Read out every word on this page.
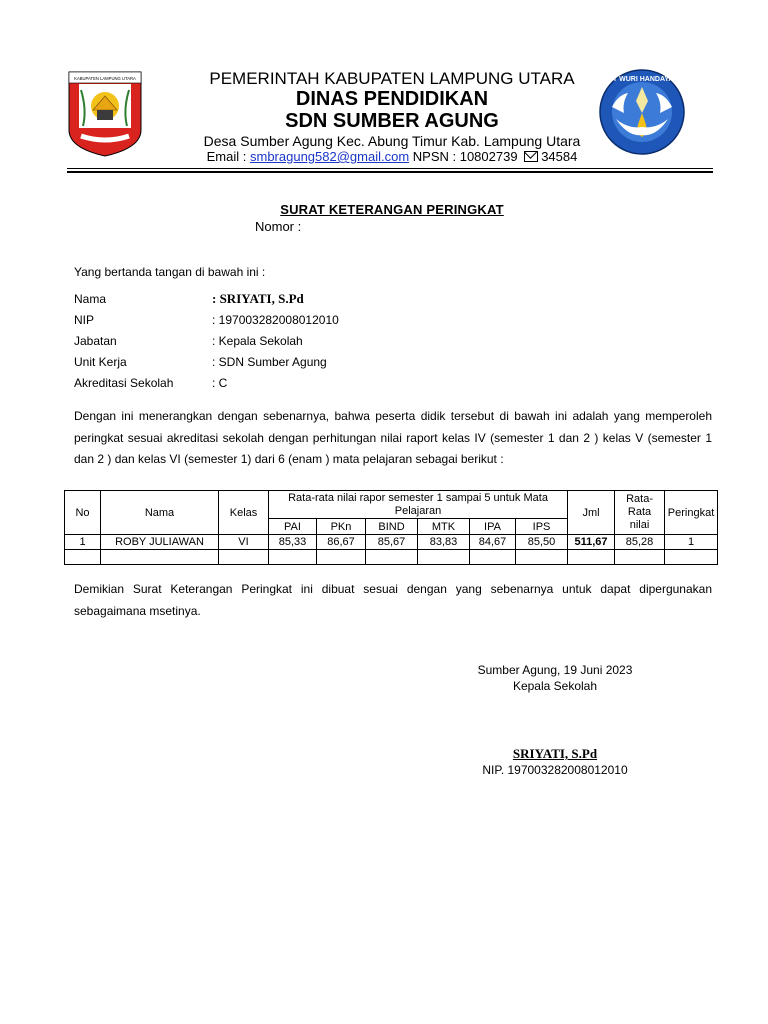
KABUPATEN LAMPUNG UTARA	TUT WURI HANDAYANI
PEMERINTAH KABUPATEN LAMPUNG UTARA
DINAS PENDIDIKAN
SDN SUMBER AGUNG
Desa Sumber Agung Kec. Abung Timur Kab. Lampung Utara
Email : smbragung582@gmail.com NPSN : 10802739 34584
SURAT KETERANGAN PERINGKAT
Nomor :
Yang bertanda tangan di bawah ini :
Nama	: SRIYATI, S.Pd
NIP	: 197003282008012010
Jabatan	: Kepala Sekolah
Unit Kerja	: SDN Sumber Agung
Akreditasi Sekolah	: C
Dengan ini menerangkan dengan sebenarnya, bahwa peserta didik tersebut di bawah ini adalah yang memperoleh peringkat sesuai akreditasi sekolah dengan perhitungan nilai raport kelas IV (semester 1 dan 2 ) kelas V (semester 1 dan 2 ) dan kelas VI (semester 1) dari 6 (enam ) mata pelajaran sebagai berikut :
No	Nama	Kelas	Rata-rata nilai rapor semester 1 sampai 5 untuk Mata Pelajaran						Jml	Rata-Rata nilai	Peringkat
			PAI	PKn	BIND	MTK	IPA	IPS			
1	ROBY JULIAWAN	VI	85,33	86,67	85,67	83,83	84,67	85,50	511,67	85,28	1

Demikian Surat Keterangan Peringkat ini dibuat sesuai dengan yang sebenarnya untuk dapat dipergunakan sebagaimana msetinya.
Sumber Agung, 19 Juni 2023
Kepala Sekolah
SRIYATI, S.Pd
NIP. 197003282008012010
